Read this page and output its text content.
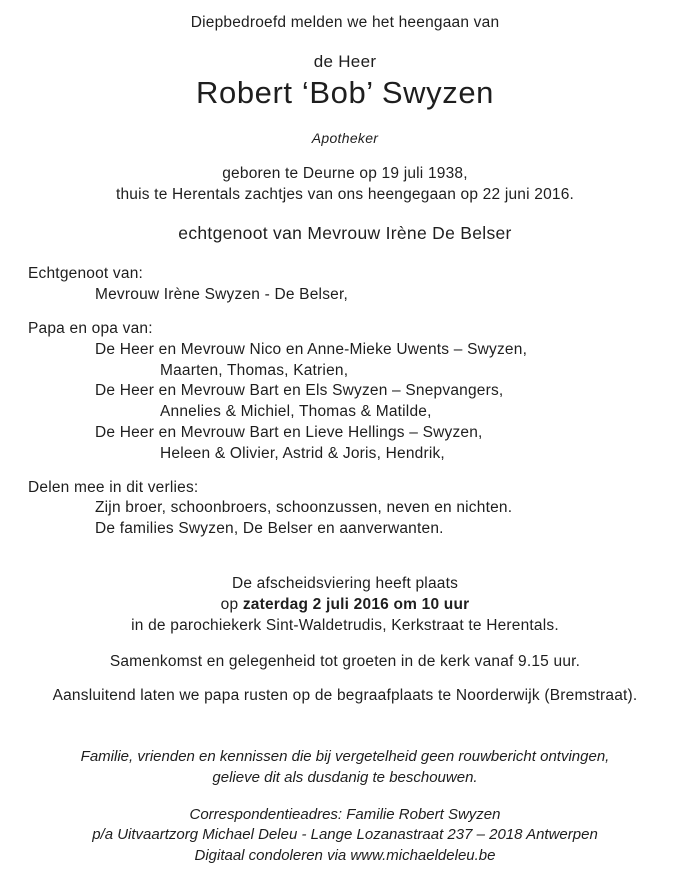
Diepbedroefd melden we het heengaan van

de Heer

Robert ‘Bob’ Swyzen

Apotheker

geboren te Deurne op 19 juli 1938,

thuis te Herentals zachtjes van ons heengegaan op 22 juni 2016.

echtgenoot van Mevrouw Irène De Belser

Echtgenoot van:

Mevrouw Irène Swyzen - De Belser,

Papa en opa van:

De Heer en Mevrouw Nico en Anne-Mieke Uwents – Swyzen,

Maarten, Thomas, Katrien,

De Heer en Mevrouw Bart en Els Swyzen – Snepvangers,

Annelies & Michiel, Thomas & Matilde,

De Heer en Mevrouw Bart en Lieve Hellings – Swyzen,

Heleen & Olivier, Astrid & Joris, Hendrik,

Delen mee in dit verlies:

Zijn broer, schoonbroers, schoonzussen, neven en nichten.

De families Swyzen, De Belser en aanverwanten.

De afscheidsviering heeft plaats

op zaterdag 2 juli 2016 om 10 uur

in de parochiekerk Sint-Waldetrudis, Kerkstraat te Herentals.

Samenkomst en gelegenheid tot groeten in de kerk vanaf 9.15 uur.

Aansluitend laten we papa rusten op de begraafplaats te Noorderwijk (Bremstraat).

Familie, vrienden en kennissen die bij vergetelheid geen rouwbericht ontvingen,

gelieve dit als dusdanig te beschouwen.

Correspondentieadres: Familie Robert Swyzen

p/a Uitvaartzorg Michael Deleu - Lange Lozanastraat 237 – 2018 Antwerpen

Digitaal condoleren via www.michaeldeleu.be
